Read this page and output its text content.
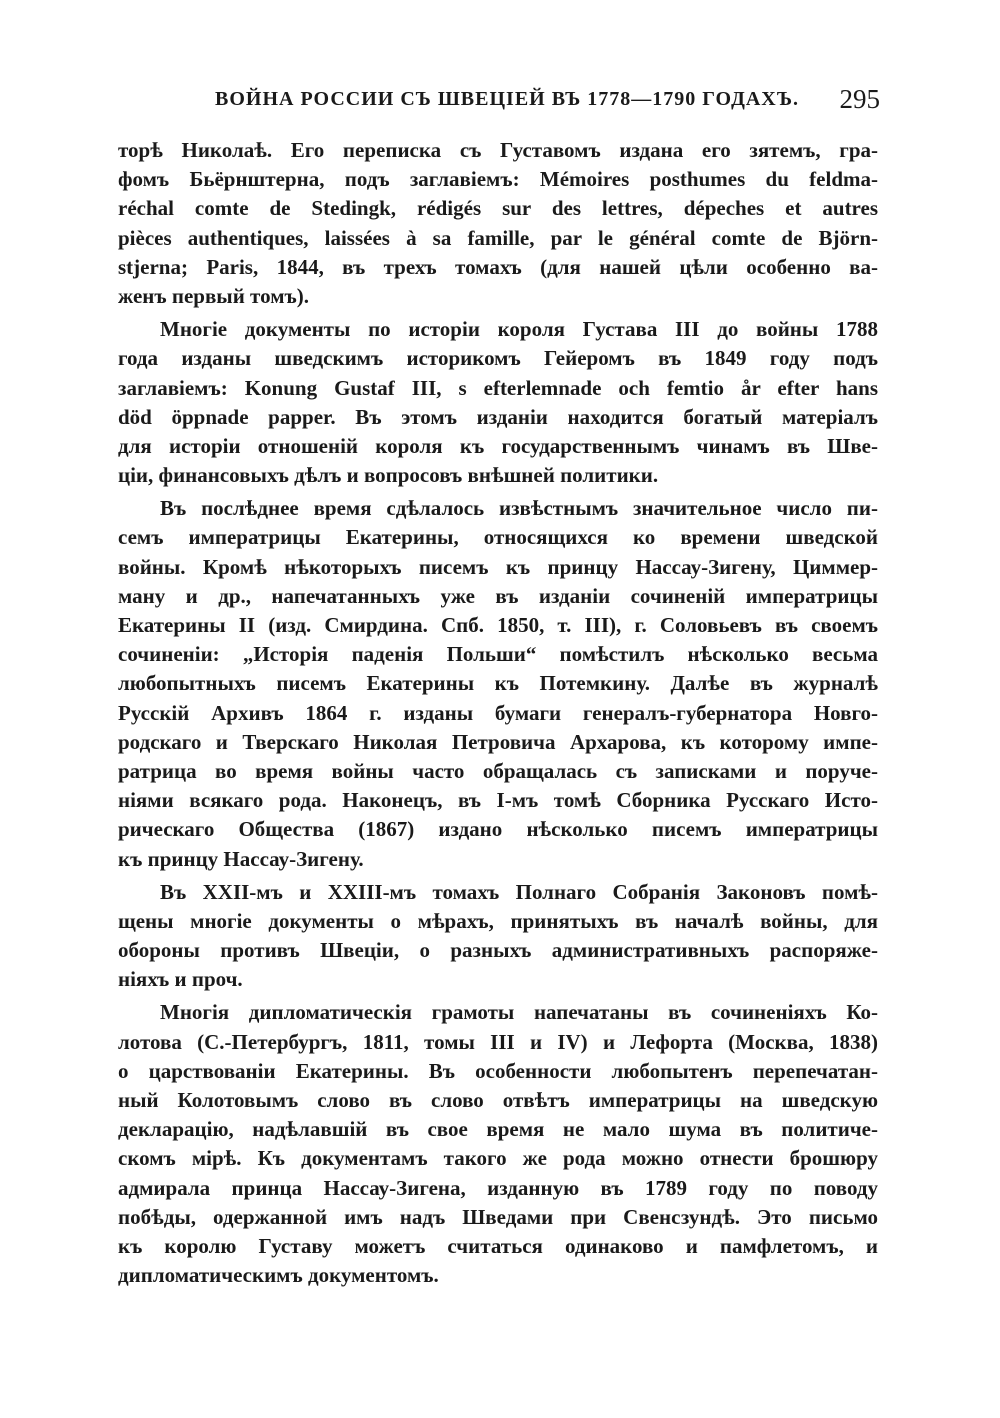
ВОЙНА РОССИИ СЪ ШВЕЦІЕЙ ВЪ 1778—1790 ГОДАХЪ. 295
торѣ Николаѣ. Его переписка съ Густавомъ издана его зятемъ, гра-
фомъ Бьёрнштерна, подъ заглавіемъ: Mémoires posthumes du feldma-
réchal comte de Stedingk, rédigés sur des lettres, dépeches et autres
pièces authentiques, laissées à sa famille, par le général comte de Björn-
stjerna; Paris, 1844, въ трехъ томахъ (для нашей цѣли особенно ва-
женъ первый томъ).
Многіе документы по исторіи короля Густава III до войны 1788
года изданы шведскимъ историкомъ Гейеромъ въ 1849 году подъ
заглавіемъ: Konung Gustaf III, s efterlemnade och femtio år efter hans
död öppnade papper. Въ этомъ изданіи находится богатый матеріалъ
для исторіи отношеній короля къ государственнымъ чинамъ въ Шве-
ціи, финансовыхъ дѣлъ и вопросовъ внѣшней политики.
Въ послѣднее время сдѣлалось извѣстнымъ значительное число пи-
семъ императрицы Екатерины, относящихся ко времени шведской
войны. Кромѣ нѣкоторыхъ писемъ къ принцу Нассау-Зигену, Циммер-
ману и др., напечатанныхъ уже въ изданіи сочиненій императрицы
Екатерины II (изд. Смирдина. Спб. 1850, т. III), г. Соловьевъ въ своемъ
сочиненіи: „Исторія паденія Польши“ помѣстилъ нѣсколько весьма
любопытныхъ писемъ Екатерины къ Потемкину. Далѣе въ журналѣ
Русскій Архивъ 1864 г. изданы бумаги генералъ-губернатора Новго-
родскаго и Тверскаго Николая Петровича Архарова, къ которому импе-
ратрица во время войны часто обращалась съ записками и поруче-
ніями всякаго рода. Наконецъ, въ I-мъ томѣ Сборника Русскаго Исто-
рическаго Общества (1867) издано нѣсколько писемъ императрицы
къ принцу Нассау-Зигену.
Въ XXII-мъ и XXIII-мъ томахъ Полнаго Собранія Законовъ помѣ-
щены многіе документы о мѣрахъ, принятыхъ въ началѣ войны, для
обороны противъ Швеціи, о разныхъ административныхъ распоряже-
ніяхъ и проч.
Многія дипломатическія грамоты напечатаны въ сочиненіяхъ Ко-
лотова (С.-Петербургъ, 1811, томы III и IV) и Лефорта (Москва, 1838)
о царствованіи Екатерины. Въ особенности любопытенъ перепечатан-
ный Колотовымъ слово въ слово отвѣтъ императрицы на шведскую
декларацію, надѣлавшій въ свое время не мало шума въ политиче-
скомъ мірѣ. Къ документамъ такого же рода можно отнести брошюру
адмирала принца Нассау-Зигена, изданную въ 1789 году по поводу
побѣды, одержанной имъ надъ Шведами при Свенсзундѣ. Это письмо
къ королю Густаву можетъ считаться одинаково и памфлетомъ, и
дипломатическимъ документомъ.
